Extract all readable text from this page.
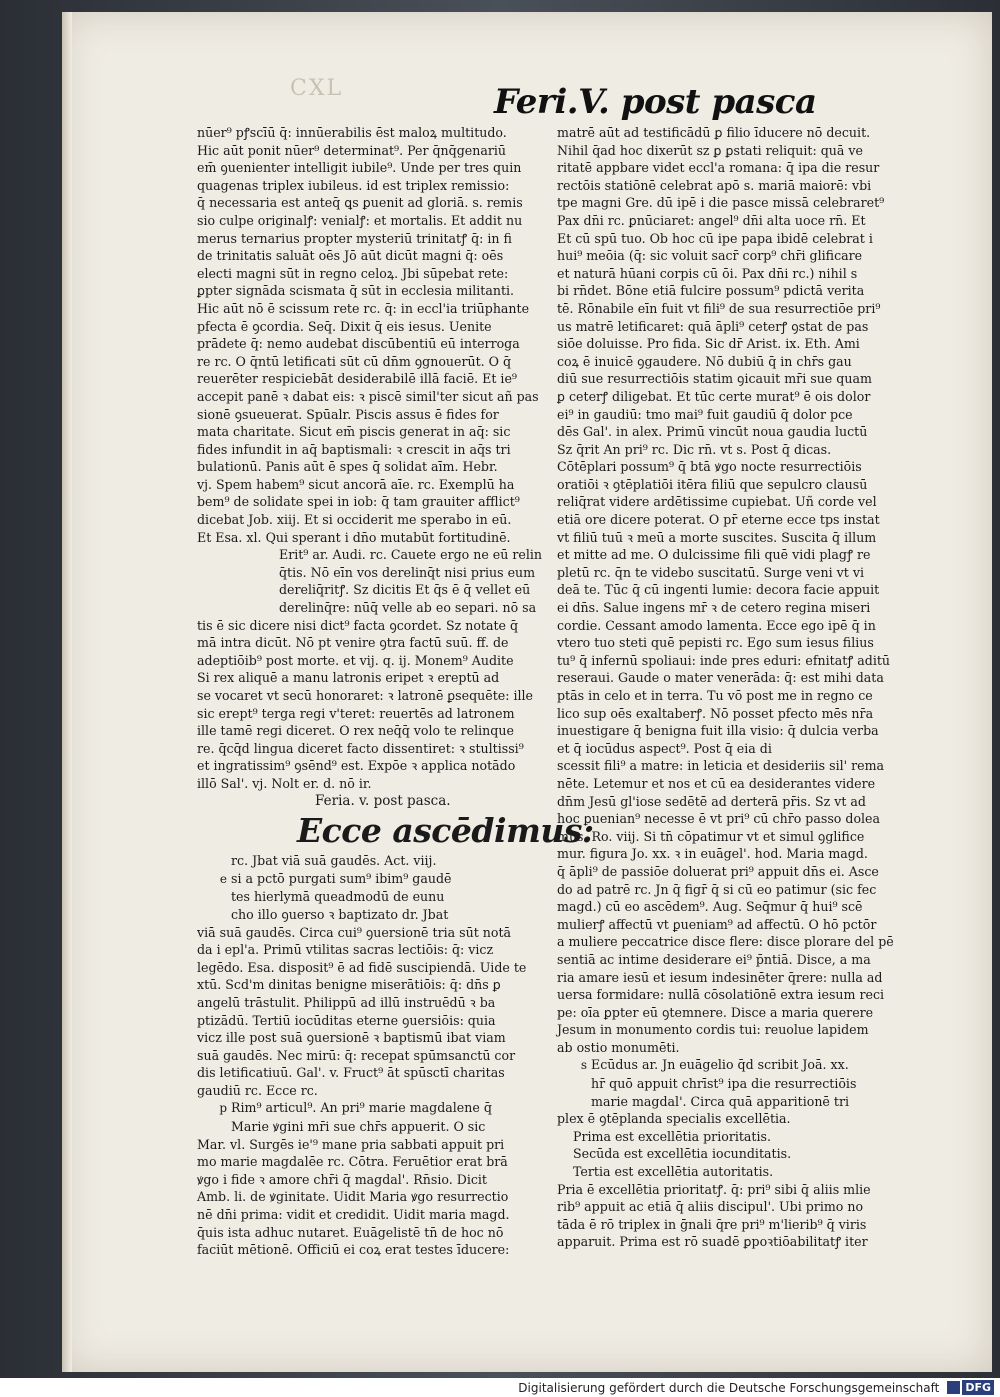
CXL	Feri.V. post pasca

nūer⁹ pꝭscīū q̄: innūerabilis ēst maloꝝ multitudo.

Hic aūt ponit nūer⁹ determinat⁹. Per q̄nq̄genariū

em̄ ꝯuenienter intelligit iubile⁹. Unde per tres quin

quagenas triplex iubileus. id est triplex remissio:

q̄ necessaria est anteq̄ ꝗs ꝑuenit ad gloriā. s. remis

sio culpe originalꝭ: venialꝭ: et mortalis. Et addit nu

merus ternarius propter mysteriū trinitatꝭ q̄: in fi

de trinitatis saluāt oēs Jō aūt dicūt magni q̄: oēs

electi magni sūt in regno celoꝝ. Jbi sūpebat rete:

ꝑpter signāda scismata q̄ sūt in ecclesia militanti.

Hic aūt nō ē scissum rete rc. q̄: in eccl'ia triūphante

pfecta ē ꝯcordia. Seq̄. Dixit q̄ eis iesus. Uenite

prādete q̄: nemo audebat discūbentiū eū interroga

re rc. O q̄ntū letificati sūt cū dn̄m ꝯgnouerūt. O q̄

reuerēter respiciebāt desiderabilē illā faciē. Et ie⁹

accepit panē ꝛ dabat eis: ꝛ piscē simil'ter sicut añ pas

sionē ꝯsueuerat. Spūalr. Piscis assus ē fides for

mata charitate. Sicut em̄ piscis generat in aq̄: sic

fides infundit in aq̄ baptismali: ꝛ crescit in aq̄s tri

bulationū. Panis aūt ē spes q̄ solidat aīm. Hebr.

vj. Spem habem⁹ sicut ancorā aīe. rc. Exemplū ha

bem⁹ de solidate spei in iob: q̄ tam grauiter afflict⁹

dicebat Job. xiij. Et si occiderit me sperabo in eū.

Et Esa. xl. Qui sperant i dn̄o mutabūt fortitudinē.

Erit⁹ ar. Audi. rc. Cauete ergo ne eū relin

q̄tis. Nō eīn vos derelinq̄t nisi prius eum

dereliq̄ritꝭ. Sz dicitis Et q̄s ē q̄ vellet eū

derelinq̄re: nūq̄ velle ab eo separi. nō sa

tis ē sic dicere nisi dict⁹ facta ꝯcordet. Sz notate q̄

mā intra dicūt. Nō pt venire ꝯtra factū suū. ff. de

adeptiōib⁹ post morte. et vij. q. ij. Monem⁹ Audite

Si rex aliquē a manu latronis eripet ꝛ ereptū ad

se vocaret vt secū honoraret: ꝛ latronē ꝑsequēte: ille

sic erept⁹ terga regi v'teret: reuertēs ad latronem

ille tamē regi diceret. O rex neq̄q̄ volo te relinque

re. q̄cq̄d lingua diceret facto dissentiret: ꝛ stultissi⁹

et ingratissim⁹ ꝯsēnd⁹ est. Expōe ꝛ applica notādo

illō Sal'. vj. Nolt er. d. nō ir.

Feria. v. post pasca.

Ecce ascēdimus:

rc. Jbat viā suā gaudēs. Act. viij.

e si a pctō purgati sum⁹ ibim⁹ gaudē

tes hierlymā queadmodū de eunu

cho illo ꝯuerso ꝛ baptizato dr. Jbat

viā suā gaudēs. Circa cui⁹ ꝯuersionē tria sūt notā

da i epl'a. Primū vtilitas sacras lectiōis: q̄: vicz

legēdo. Esa. disposit⁹ ē ad fidē suscipiendā. Uide te

xtū. Scd'm dinitas benigne miserātiōis: q̄: dn̄s ꝑ

angelū trāstulit. Philippū ad illū instruēdū ꝛ ba

ptizādū. Tertiū iocūditas eterne ꝯuersiōis: quia

vicz ille post suā ꝯuersionē ꝛ baptismū ibat viam

suā gaudēs. Nec mirū: q̄: recepat spūmsanctū cor

dis letificatiuū. Gal'. v. Fruct⁹ āt spūsctī charitas

gaudiū rc. Ecce rc.

p Rim⁹ articul⁹. An pri⁹ marie magdalene q̄

Marie ꝟgini mr̄i sue chr̄s appuerit. O sic

Mar. vl. Surgēs ie'⁹ mane pria sabbati appuit pri

mo marie magdalēe rc. Cōtra. Feruētior erat brā

ꝟgo i fide ꝛ amore chr̄i q̄ magdal'. Rn̄sio. Dicit

Amb. li. de ꝟginitate. Uidit Maria ꝟgo resurrectio

nē dn̄i prima: vidit et credidit. Uidit maria magd.

q̄uis ista adhuc nutaret. Euāgelistē tn̄ de hoc nō

faciūt mētionē. Officiū ei coꝝ erat testes īducere:

matrē aūt ad testificādū ꝑ filio īducere nō decuit.

Nihil q̄ad hoc dixerūt sz ꝑ ꝑstati reliquit: quā ve

ritatē appbare videt eccl'a romana: q̄ ipa die resur

rectōis statiōnē celebrat apō s. mariā maiorē: vbi

tpe magni Gre. dū ipē i die pasce missā celebraret⁹

Pax dn̄i rc. ꝑnūciaret: angel⁹ dn̄i alta uoce rn̄. Et

Et cū spū tuo. Ob hoc cū ipe papa ibidē celebrat i

hui⁹ meōia (q̄: sic voluit sacr̄ corp⁹ chr̄i glificare

et naturā hūani corpis cū ōi. Pax dn̄i rc.) nihil s

bi rn̄det. Bōne etiā fulcire possum⁹ pdictā verita

tē. Rōnabile eīn fuit vt fili⁹ de sua resurrectiōe pri⁹

us matrē letificaret: quā āpli⁹ ceterꝭ ꝯstat de pas

siōe doluisse. Pro fida. Sic dr̄ Arist. ix. Eth. Ami

coꝝ ē inuicē ꝯgaudere. Nō dubiū q̄ in chr̄s gau

diū sue resurrectiōis statim ꝯicauit mr̄i sue quam

ꝑ ceterꝭ diligebat. Et tūc certe murat⁹ ē ois dolor

ei⁹ in gaudiū: tmo mai⁹ fuit gaudiū q̄ dolor pce

dēs Gal'. in alex. Primū vincūt noua gaudia luctū

Sz q̄rit An pri⁹ rc. Dic rn̄. vt s. Post q̄ dicas.

Cōtēplari possum⁹ q̄ btā ꝟgo nocte resurrectiōis

oratiōi ꝛ ꝯtēplatiōi itēra filiū que sepulcro clausū

reliq̄rat videre ardētissime cupiebat. Uñ corde vel

etiā ore dicere poterat. O pr̄ eterne ecce tps instat

vt filiū tuū ꝛ meū a morte suscites. Suscita q̄ illum

et mitte ad me. O dulcissime fili quē vidi plagꝭ re

pletū rc. q̄n te videbo suscitatū. Surge veni vt vi

deā te. Tūc q̄ cū ingenti lumie: decora facie appuit

ei dn̄s. Salue ingens mr̄ ꝛ de cetero regina miseri

cordie. Cessant amodo lamenta. Ecce ego ipē q̄ in

vtero tuo steti quē pepisti rc. Ego sum iesus filius

tu⁹ q̄ infernū spoliaui: inde pres eduri: efnitatꝭ aditū

reseraui. Gaude o mater venerāda: q̄: est mihi data

ptās in celo et in terra. Tu vō post me in regno ce

lico sup oēs exaltaberꝭ. Nō posset pfecto mēs nr̄a

inuestigare q̄ benigna fuit illa visio: q̄ dulcia verba

et q̄ iocūdus aspect⁹. Post q̄ eia di

scessit fili⁹ a matre: in leticia et desideriis sil' rema

nēte. Letemur et nos et cū ea desiderantes videre

dn̄m Jesū gl'iose sedētē ad derterā pr̄is. Sz vt ad

hoc ꝑuenian⁹ necesse ē vt pri⁹ cū chr̄o passo dolea

mus. Ro. viij. Si tn̄ cōpatimur vt et simul ꝯglifice

mur. figura Jo. xx. ꝛ in euāgel'. hod. Maria magd.

q̄ āpli⁹ de passiōe doluerat pri⁹ appuit dn̄s ei. Asce

do ad patrē rc. Jn q̄ figr̄ q̄ si cū eo patimur (sic fec

magd.) cū eo ascēdem⁹. Aug. Seq̄mur q̄ hui⁹ scē

mulierꝭ affectū vt ꝑueniam⁹ ad affectū. O hō pctōr

a muliere peccatrice disce flere: disce plorare del pē

sentiā ac intime desiderare ei⁹ p̄ntiā. Disce, a ma

ria amare iesū et iesum indesinēter q̄rere: nulla ad

uersa formidare: nullā cōsolatiōnē extra iesum reci

pe: oīa ꝑpter eū ꝯtemnere. Disce a maria querere

Jesum in monumento cordis tui: reuolue lapidem

ab ostio monumēti.

s Ecūdus ar. Jn euāgelio q̄d scribit Joā. xx.

hr̄ quō appuit chrīst⁹ ipa die resurrectiōis

marie magdal'. Circa quā apparitionē tri

plex ē ꝯtēplanda specialis excellētia.

Prima est excellētia prioritatis.

Secūda est excellētia iocunditatis.

Tertia est excellētia autoritatis.

Pria ē excellētia prioritatꝭ. q̄: pri⁹ sibi q̄ aliis mlie

rib⁹ appuit ac etiā q̄ aliis discipul'. Ubi primo no

tāda ē rō triplex in ḡnali q̄re pri⁹ m'lierib⁹ q̄ viris

apparuit. Prima est rō suadē ꝑpoꝛtiōabilitatꝭ iter

Digitalisierung gefördert durch die Deutsche Forschungsgemeinschaft DFG
